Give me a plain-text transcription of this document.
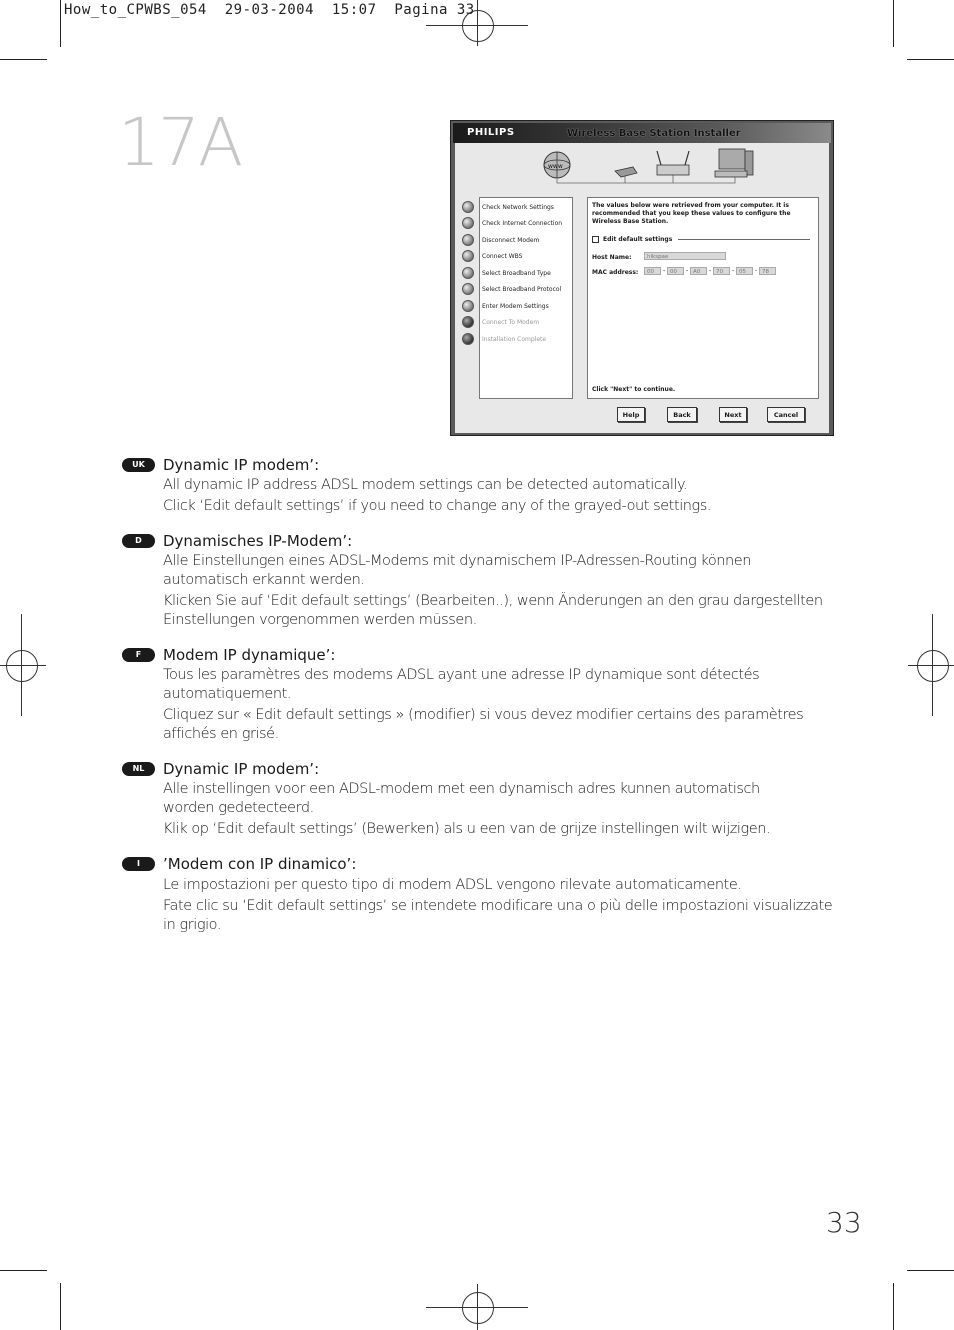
How_to_CPWBS_054  29-03-2004  15:07  Pagina 33
17A	PHILIPS	Wireless Base Station Installer
www
Check Network Settings
Check Internet Connection
Disconnect Modem
Connect WBS
Select Broadband Type
Select Broadband Protocol
Enter Modem Settings
Connect To Modem
Installation Complete
The values below were retrieved from your computer. It is recommended that you keep these values to configure the Wireless Base Station.
Edit default settings
Host Name:	hikspae
MAC address:	00	- 00	- A0	- 70	- 05	- 78
Click "Next" to continue.
Help	Back	Next	Cancel
UK	Dynamic IP modem’:
All dynamic IP address ADSL modem settings can be detected automatically.
Click ‘Edit default settings’ if you need to change any of the grayed-out settings.
D	Dynamisches IP-Modem’:
Alle Einstellungen eines ADSL-Modems mit dynamischem IP-Adressen-Routing können
automatisch erkannt werden.
Klicken Sie auf ‘Edit default settings’ (Bearbeiten..), wenn Änderungen an den grau dargestellten
Einstellungen vorgenommen werden müssen.
F	Modem IP dynamique’:
Tous les paramètres des modems ADSL ayant une adresse IP dynamique sont détectés
automatiquement.
Cliquez sur « Edit default settings » (modifier) si vous devez modifier certains des paramètres
affichés en grisé.
NL	Dynamic IP modem’:
Alle instellingen voor een ADSL-modem met een dynamisch adres kunnen automatisch
worden gedetecteerd.
Klik op ‘Edit default settings’ (Bewerken) als u een van de grijze instellingen wilt wijzigen.
I	’Modem con IP dinamico’:
Le impostazioni per questo tipo di modem ADSL vengono rilevate automaticamente.
Fate clic su ‘Edit default settings’ se intendete modificare una o più delle impostazioni visualizzate
in grigio.
33
